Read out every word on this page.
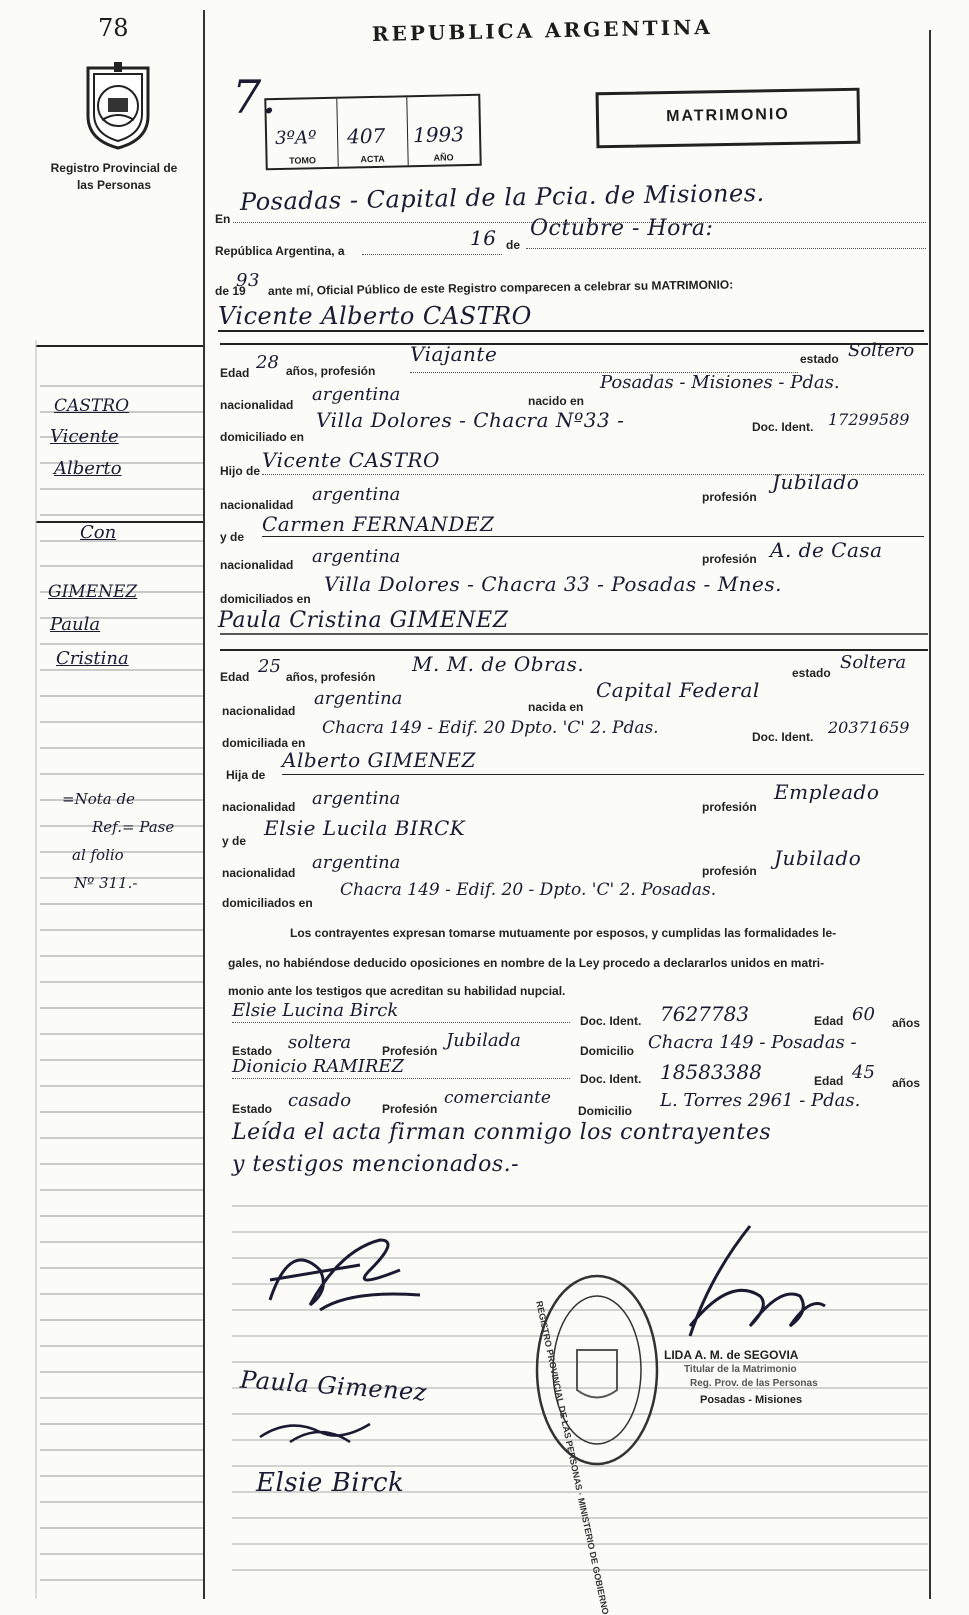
78
Registro Provincial de las Personas
REPUBLICA ARGENTINA
MATRIMONIO
7.
3ºAº
TOMO
407
ACTA
1993
AÑO
En
Posadas - Capital de la Pcia. de Misiones.
República Argentina, a
16 de
Octubre - Hora:
de 19
93 ante mí, Oficial Público de este Registro comparecen a celebrar su MATRIMONIO:
Vicente Alberto CASTRO
Edad 28 años, profesión
Viajante	estado Soltero
nacionalidad argentina	nacido en
Posadas - Misiones - Pdas.
domiciliado en
Villa Dolores - Chacra Nº33 -	Doc. Ident. 17299589
Hijo de Vicente CASTRO
nacionalidad argentina	profesión
Jubilado
y de
Carmen FERNANDEZ
nacionalidad argentina	profesión A. de Casa
domiciliados en
Villa Dolores - Chacra 33 - Posadas - Mnes.
Paula Cristina GIMENEZ
Edad 25 años, profesión
M. M. de Obras.	estado Soltera
nacionalidad
argentina	nacida en
Capital Federal
domiciliada en
Chacra 149 - Edif. 20 Dpto. 'C' 2. Pdas.	Doc. Ident. 20371659
Hija de
Alberto GIMENEZ
nacionalidad argentina	profesión
Empleado
y de
Elsie Lucila BIRCK
nacionalidad argentina	profesión
Jubilado
domiciliados en
Chacra 149 - Edif. 20 - Dpto. 'C' 2. Posadas.
Los contrayentes expresan tomarse mutuamente por esposos, y cumplidas las formalidades le-
gales, no habiéndose deducido oposiciones en nombre de la Ley procedo a declararlos unidos en matri-
monio ante los testigos que acreditan su habilidad nupcial.
Elsie Lucina Birck	Doc. Ident. 7627783	Edad 60 años
Estado soltera	Profesión Jubilada	Domicilio Chacra 149 - Posadas -
Dionicio RAMIREZ
Doc. Ident. 18583388	Edad 45 años
Estado casado	Profesión
comerciante
Domicilio L. Torres 2961 - Pdas.
Leída el acta firman conmigo los contrayentes
y testigos mencionados.-
CASTRO
Vicente
Alberto
Con
GIMENEZ
Paula
Cristina
=Nota de
Ref.= Pase
al folio
Nº 311.-
Paula Gimenez
Elsie Birck	REGISTRO PROVINCIAL DE LAS PERSONAS · MINISTERIO DE GOBIERNO	LIDA A. M. de SEGOVIA
Titular de la Matrimonio
Reg. Prov. de las Personas
Posadas - Misiones
